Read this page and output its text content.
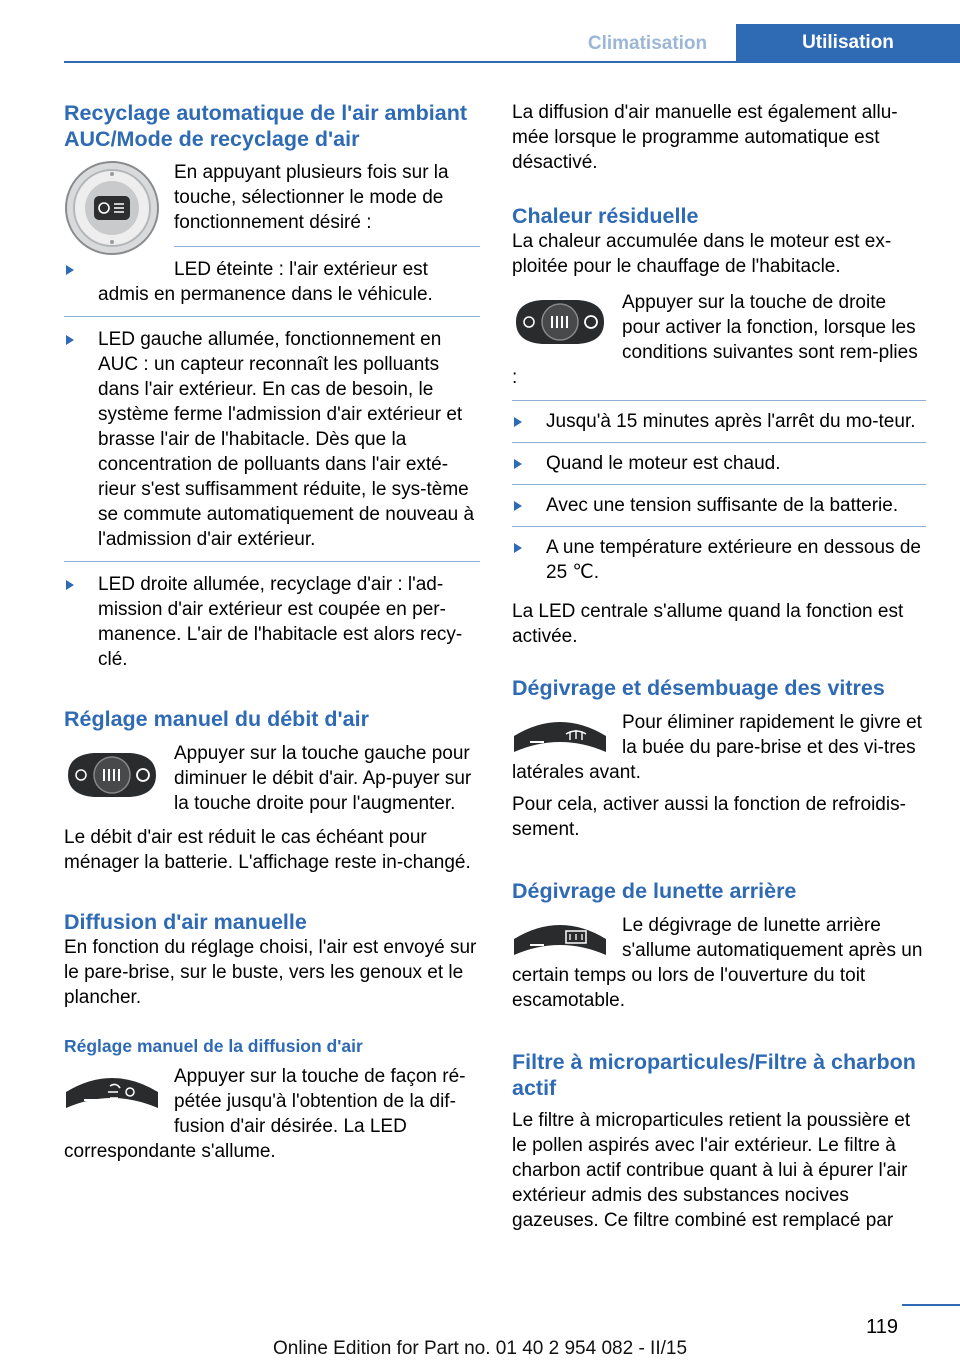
Climatisation	Utilisation
Recyclage automatique de l'air ambiant AUC/Mode de recyclage d'air

En appuyant plusieurs fois sur la touche, sélectionner le mode de fonctionnement désiré :

LED éteinte : l'air extérieur est admis en permanence dans le véhicule.
LED gauche allumée, fonctionnement en AUC : un capteur reconnaît les polluants dans l'air extérieur. En cas de besoin, le système ferme l'admission d'air extérieur et brasse l'air de l'habitacle. Dès que la concentration de polluants dans l'air exté‐rieur s'est suffisamment réduite, le sys‐tème se commute automatiquement de nouveau à l'admission d'air extérieur.
LED droite allumée, recyclage d'air : l'ad‐mission d'air extérieur est coupée en per‐manence. L'air de l'habitacle est alors recy‐clé.
Réglage manuel du débit d'air

Appuyer sur la touche gauche pour diminuer le débit d'air. Ap‐puyer sur la touche droite pour l'augmenter.

Le débit d'air est réduit le cas échéant pour ménager la batterie. L'affichage reste in‐changé.

Diffusion d'air manuelle

En fonction du réglage choisi, l'air est envoyé sur le pare-brise, sur le buste, vers les genoux et le plancher.

Réglage manuel de la diffusion d'air

Appuyer sur la touche de façon ré‐pétée jusqu'à l'obtention de la dif‐fusion d'air désirée. La LED correspondante s'allume.

La diffusion d'air manuelle est également allu‐mée lorsque le programme automatique est désactivé.

Chaleur résiduelle

La chaleur accumulée dans le moteur est ex‐ploitée pour le chauffage de l'habitacle.

Appuyer sur la touche de droite pour activer la fonction, lorsque les conditions suivantes sont rem‐plies :

Jusqu'à 15 minutes après l'arrêt du mo‐teur.
Quand le moteur est chaud.
Avec une tension suffisante de la batterie.
A une température extérieure en dessous de 25 ℃.

La LED centrale s'allume quand la fonction est activée.

Dégivrage et désembuage des vitres

Pour éliminer rapidement le givre et la buée du pare-brise et des vi‐tres latérales avant.

Pour cela, activer aussi la fonction de refroidis‐sement.

Dégivrage de lunette arrière

Le dégivrage de lunette arrière s'allume automatiquement après un certain temps ou lors de l'ouverture du toit escamotable.

Filtre à microparticules/Filtre à charbon actif

Le filtre à microparticules retient la poussière et le pollen aspirés avec l'air extérieur. Le filtre à charbon actif contribue quant à lui à épurer l'air extérieur admis des substances nocives gazeuses. Ce filtre combiné est remplacé par

119
Online Edition for Part no. 01 40 2 954 082 - II/15
